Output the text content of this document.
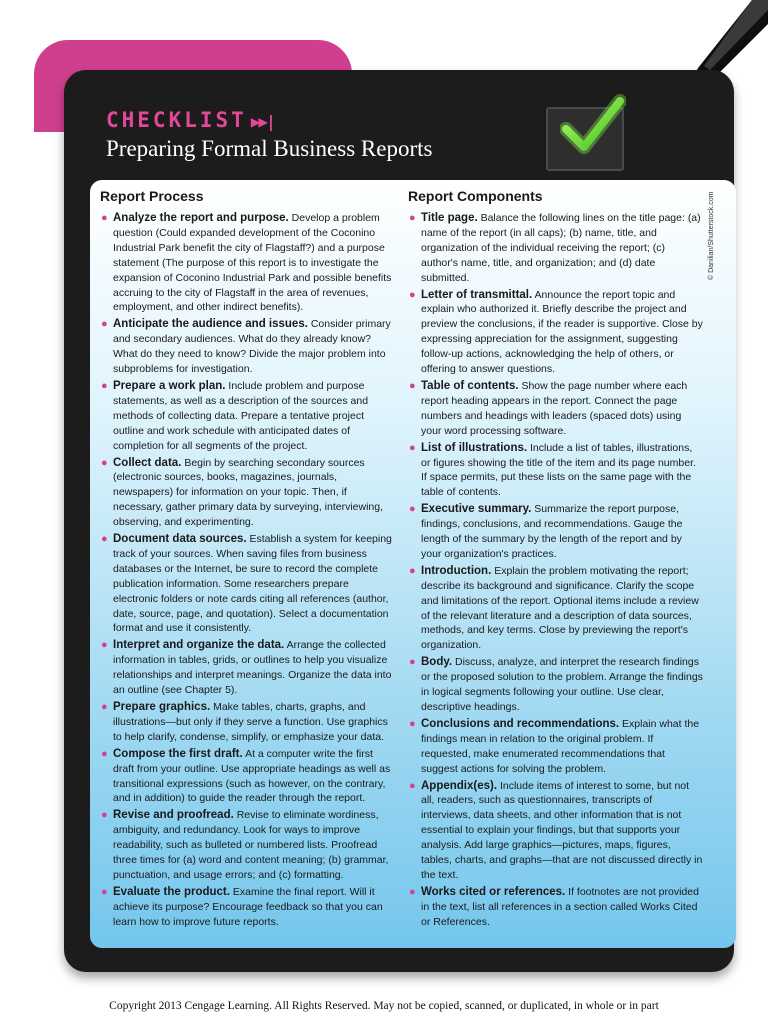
CHECKLIST ▶▶|
Preparing Formal Business Reports
© Danilian/Shutterstock.com
Report Process
● Analyze the report and purpose. Develop a problem question (Could expanded development of the Coconino Industrial Park benefit the city of Flagstaff?) and a purpose statement (The purpose of this report is to investigate the expansion of Coconino Industrial Park and possible benefits accruing to the city of Flagstaff in the area of revenues, employment, and other indirect benefits).
● Anticipate the audience and issues. Consider primary and secondary audiences. What do they already know? What do they need to know? Divide the major problem into subproblems for investigation.
● Prepare a work plan. Include problem and purpose statements, as well as a description of the sources and methods of collecting data. Prepare a tentative project outline and work schedule with anticipated dates of completion for all segments of the project.
● Collect data. Begin by searching secondary sources (electronic sources, books, magazines, journals, newspapers) for information on your topic. Then, if necessary, gather primary data by surveying, interviewing, observing, and experimenting.
● Document data sources. Establish a system for keeping track of your sources. When saving files from business databases or the Internet, be sure to record the complete publication information. Some researchers prepare electronic folders or note cards citing all references (author, date, source, page, and quotation). Select a documentation format and use it consistently.
● Interpret and organize the data. Arrange the collected information in tables, grids, or outlines to help you visualize relationships and interpret meanings. Organize the data into an outline (see Chapter 5).
● Prepare graphics. Make tables, charts, graphs, and illustrations—but only if they serve a function. Use graphics to help clarify, condense, simplify, or emphasize your data.
● Compose the first draft. At a computer write the first draft from your outline. Use appropriate headings as well as transitional expressions (such as however, on the contrary, and in addition) to guide the reader through the report.
● Revise and proofread. Revise to eliminate wordiness, ambiguity, and redundancy. Look for ways to improve readability, such as bulleted or numbered lists. Proofread three times for (a) word and content meaning; (b) grammar, punctuation, and usage errors; and (c) formatting.
● Evaluate the product. Examine the final report. Will it achieve its purpose? Encourage feedback so that you can learn how to improve future reports.
Report Components
● Title page. Balance the following lines on the title page: (a) name of the report (in all caps); (b) name, title, and organization of the individual receiving the report; (c) author's name, title, and organization; and (d) date submitted.
● Letter of transmittal. Announce the report topic and explain who authorized it. Briefly describe the project and preview the conclusions, if the reader is supportive. Close by expressing appreciation for the assignment, suggesting follow-up actions, acknowledging the help of others, or offering to answer questions.
● Table of contents. Show the page number where each report heading appears in the report. Connect the page numbers and headings with leaders (spaced dots) using your word processing software.
● List of illustrations. Include a list of tables, illustrations, or figures showing the title of the item and its page number. If space permits, put these lists on the same page with the table of contents.
● Executive summary. Summarize the report purpose, findings, conclusions, and recommendations. Gauge the length of the summary by the length of the report and by your organization's practices.
● Introduction. Explain the problem motivating the report; describe its background and significance. Clarify the scope and limitations of the report. Optional items include a review of the relevant literature and a description of data sources, methods, and key terms. Close by previewing the report's organization.
● Body. Discuss, analyze, and interpret the research findings or the proposed solution to the problem. Arrange the findings in logical segments following your outline. Use clear, descriptive headings.
● Conclusions and recommendations. Explain what the findings mean in relation to the original problem. If requested, make enumerated recommendations that suggest actions for solving the problem.
● Appendix(es). Include items of interest to some, but not all, readers, such as questionnaires, transcripts of interviews, data sheets, and other information that is not essential to explain your findings, but that supports your analysis. Add large graphics—pictures, maps, figures, tables, charts, and graphs—that are not discussed directly in the text.
● Works cited or references. If footnotes are not provided in the text, list all references in a section called Works Cited or References.
Copyright 2013 Cengage Learning. All Rights Reserved. May not be copied, scanned, or duplicated, in whole or in part
